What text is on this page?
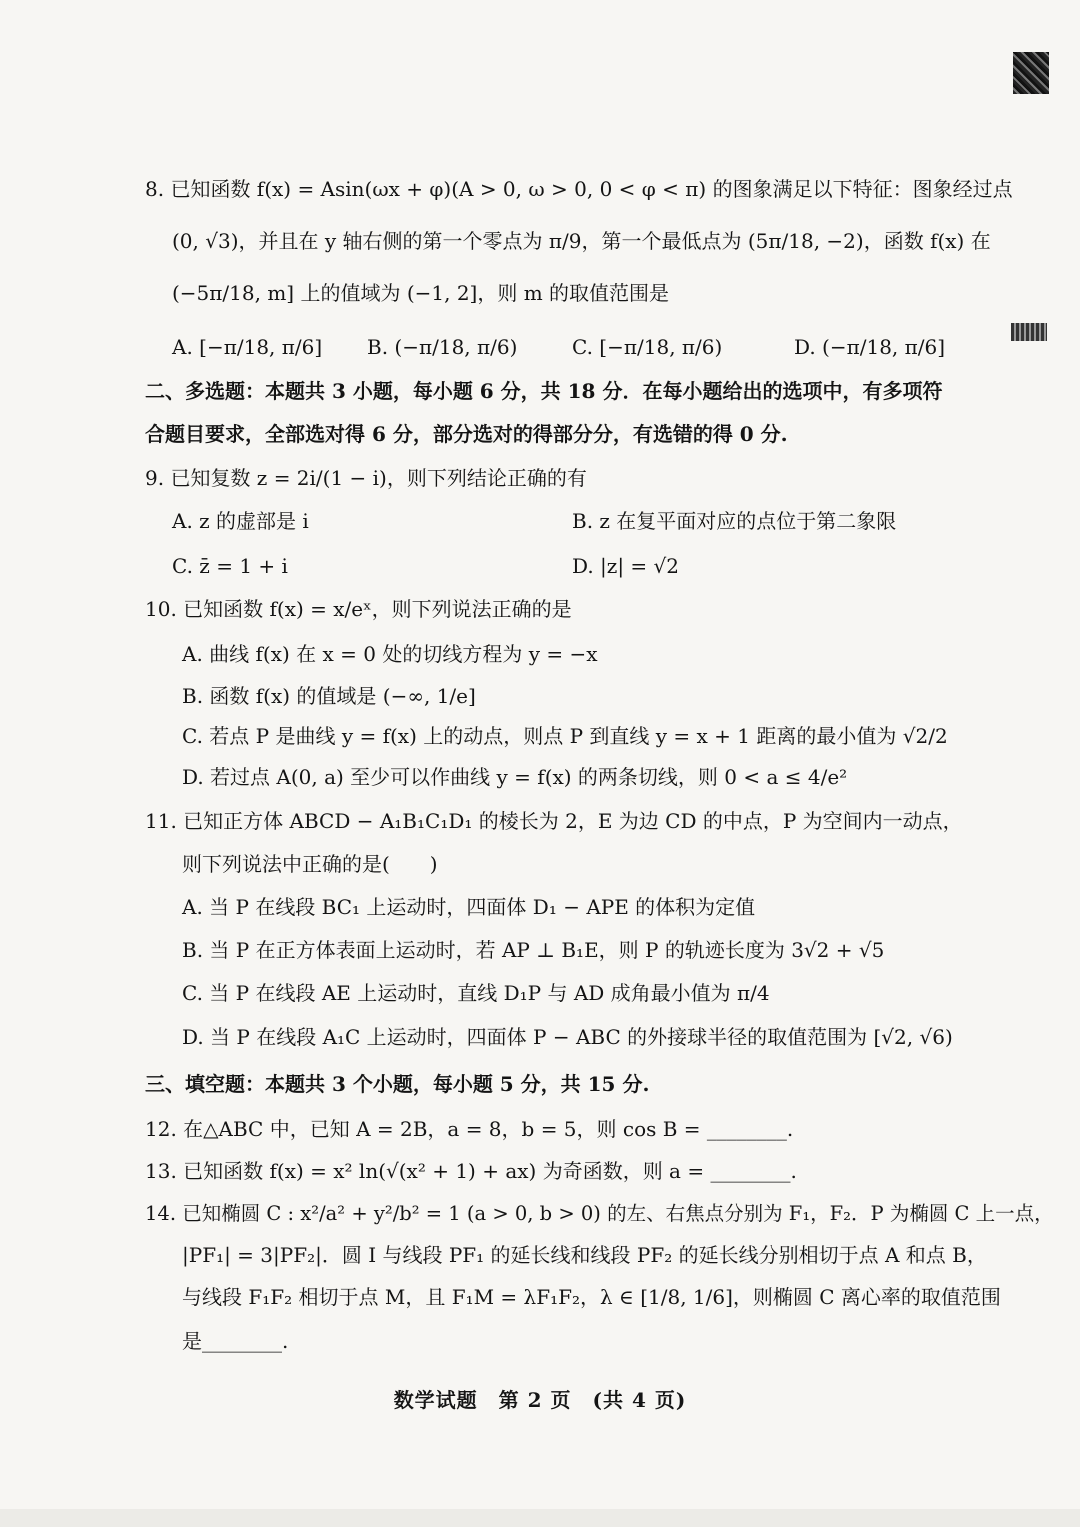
8. 已知函数 f(x) = Asin(ωx + φ)(A > 0, ω > 0, 0 < φ < π) 的图象满足以下特征：图象经过点
(0, √3)，并且在 y 轴右侧的第一个零点为 π/9，第一个最低点为 (5π/18, −2)，函数 f(x) 在
(−5π/18, m] 上的值域为 (−1, 2]，则 m 的取值范围是
A. [−π/18, π/6] B. (−π/18, π/6)	C. [−π/18, π/6)	D. (−π/18, π/6]
二、多选题：本题共 3 小题，每小题 6 分，共 18 分．在每小题给出的选项中，有多项符
合题目要求，全部选对得 6 分，部分选对的得部分分，有选错的得 0 分.
9. 已知复数 z = 2i/(1 − i)，则下列结论正确的有
A. z 的虚部是 i	B. z 在复平面对应的点位于第二象限
C. z̄ = 1 + i	D. |z| = √2
10. 已知函数 f(x) = x/eˣ，则下列说法正确的是
A. 曲线 f(x) 在 x = 0 处的切线方程为 y = −x
B. 函数 f(x) 的值域是 (−∞, 1/e]
C. 若点 P 是曲线 y = f(x) 上的动点，则点 P 到直线 y = x + 1 距离的最小值为 √2/2
D. 若过点 A(0, a) 至少可以作曲线 y = f(x) 的两条切线，则 0 < a ≤ 4/e²
11. 已知正方体 ABCD − A₁B₁C₁D₁ 的棱长为 2，E 为边 CD 的中点，P 为空间内一动点，
则下列说法中正确的是(　　)
A. 当 P 在线段 BC₁ 上运动时，四面体 D₁ − APE 的体积为定值
B. 当 P 在正方体表面上运动时，若 AP ⊥ B₁E，则 P 的轨迹长度为 3√2 + √5
C. 当 P 在线段 AE 上运动时，直线 D₁P 与 AD 成角最小值为 π/4
D. 当 P 在线段 A₁C 上运动时，四面体 P − ABC 的外接球半径的取值范围为 [√2, √6)
三、填空题：本题共 3 个小题，每小题 5 分，共 15 分.
12. 在△ABC 中，已知 A = 2B，a = 8，b = 5，则 cos B = ________.
13. 已知函数 f(x) = x² ln(√(x² + 1) + ax) 为奇函数，则 a = ________.
14. 已知椭圆 C : x²/a² + y²/b² = 1 (a > 0, b > 0) 的左、右焦点分别为 F₁，F₂．P 为椭圆 C 上一点，
|PF₁| = 3|PF₂|．圆 I 与线段 PF₁ 的延长线和线段 PF₂ 的延长线分别相切于点 A 和点 B，
与线段 F₁F₂ 相切于点 M，且 F₁M = λF₁F₂，λ ∈ [1/8, 1/6]，则椭圆 C 离心率的取值范围
是________.
数学试题　第 2 页　(共 4 页)
